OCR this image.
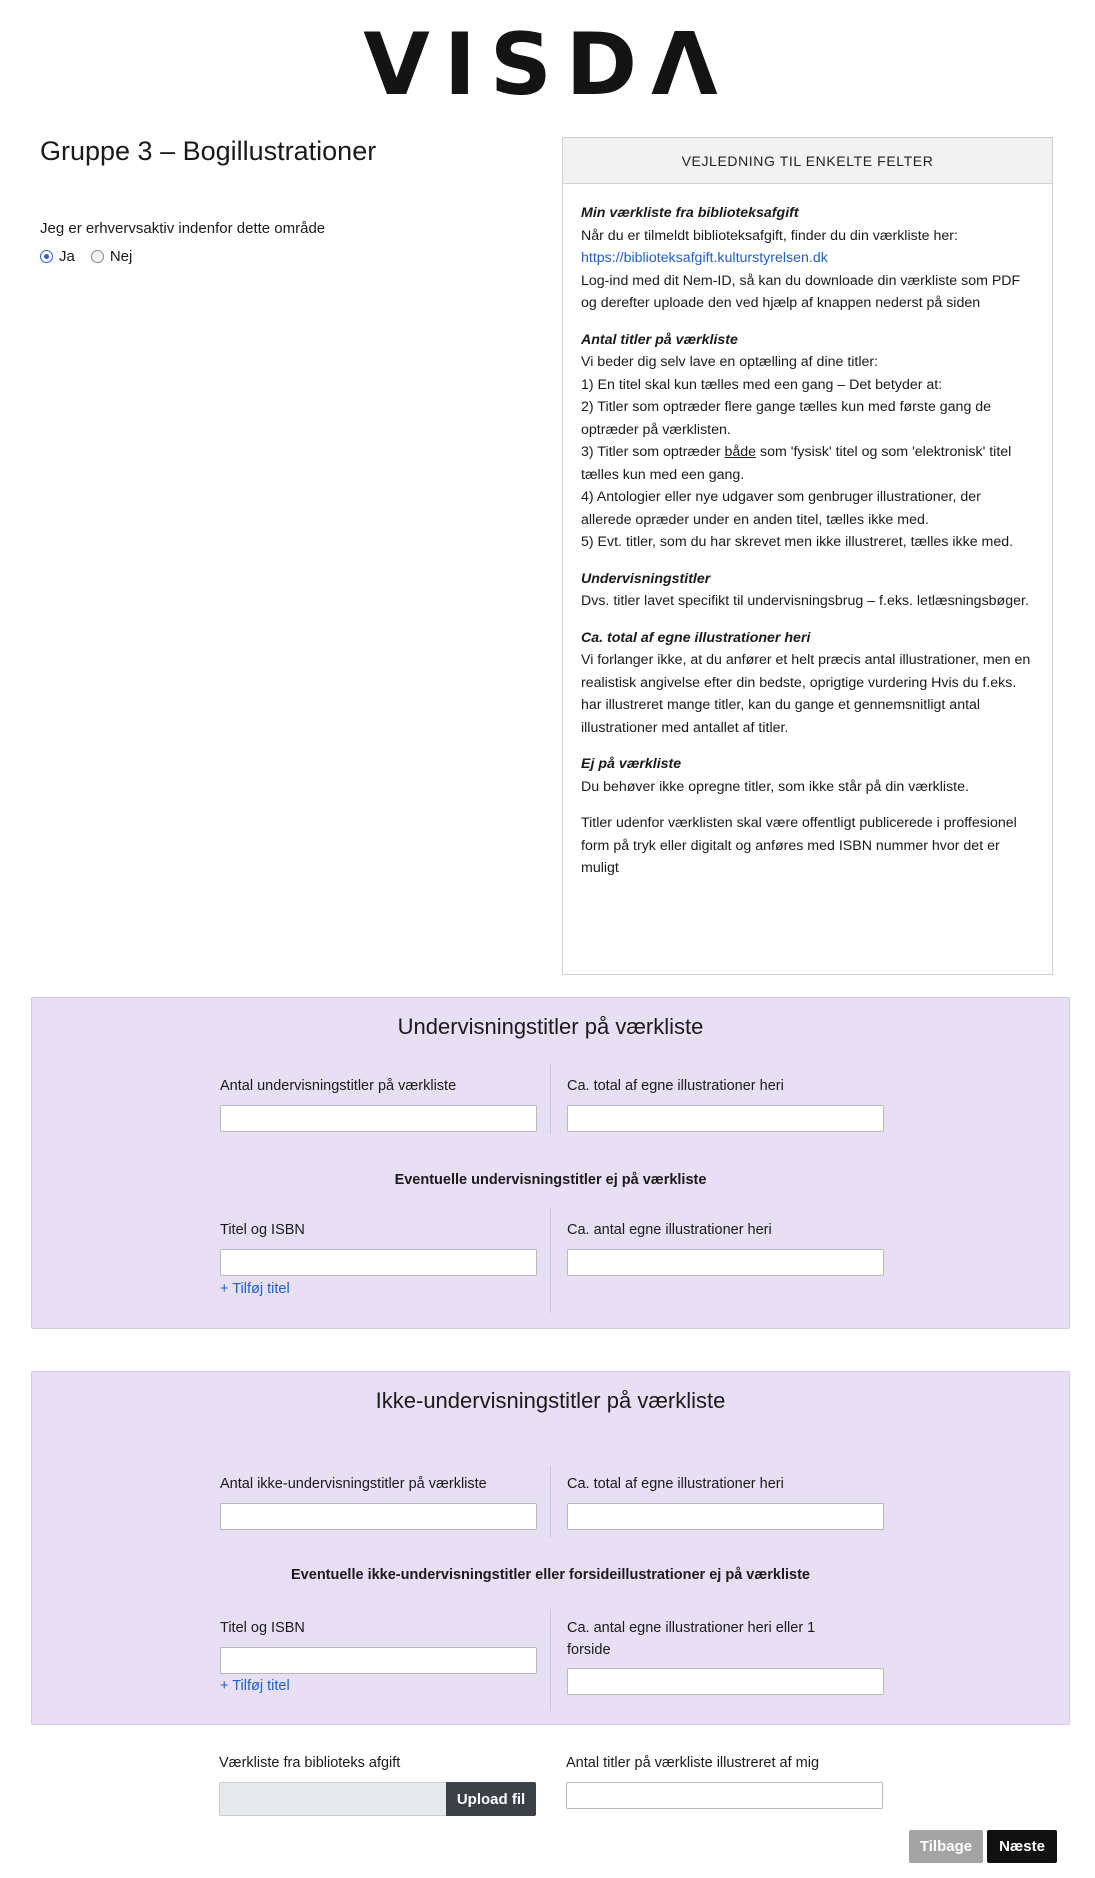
VISDΛ
Gruppe 3 – Bogillustrationer
Jeg er erhvervsaktiv indenfor dette område
Ja Nej
VEJLEDNING TIL ENKELTE FELTER
Min værkliste fra biblioteksafgift
Når du er tilmeldt biblioteksafgift, finder du din værkliste her:
https://biblioteksafgift.kulturstyrelsen.dk
Log-ind med dit Nem-ID, så kan du downloade din værkliste som PDF og derefter uploade den ved hjælp af knappen nederst på siden
Antal titler på værkliste
Vi beder dig selv lave en optælling af dine titler:
1) En titel skal kun tælles med een gang – Det betyder at:
2) Titler som optræder flere gange tælles kun med første gang de optræder på værklisten.
3) Titler som optræder både som 'fysisk' titel og som 'elektronisk' titel tælles kun med een gang.
4) Antologier eller nye udgaver som genbruger illustrationer, der allerede opræder under en anden titel, tælles ikke med.
5) Evt. titler, som du har skrevet men ikke illustreret, tælles ikke med.
Undervisningstitler
Dvs. titler lavet specifikt til undervisningsbrug – f.eks. letlæsningsbøger.
Ca. total af egne illustrationer heri
Vi forlanger ikke, at du anfører et helt præcis antal illustrationer, men en realistisk angivelse efter din bedste, oprigtige vurdering Hvis du f.eks. har illustreret mange titler, kan du gange et gennemsnitligt antal illustrationer med antallet af titler.
Ej på værkliste
Du behøver ikke opregne titler, som ikke står på din værkliste.
Titler udenfor værklisten skal være offentligt publicerede i proffesionel form på tryk eller digitalt og anføres med ISBN nummer hvor det er muligt
Undervisningstitler på værkliste
Antal undervisningstitler på værkliste	Ca. total af egne illustrationer heri
Eventuelle undervisningstitler ej på værkliste
Titel og ISBN
+ Tilføj titel
Ca. antal egne illustrationer heri
Ikke-undervisningstitler på værkliste
Antal ikke-undervisningstitler på værkliste	Ca. total af egne illustrationer heri
Eventuelle ikke-undervisningstitler eller forsideillustrationer ej på værkliste
Titel og ISBN
+ Tilføj titel
Ca. antal egne illustrationer heri eller 1
forside
Værkliste fra biblioteks afgift
Upload fil
Antal titler på værkliste illustreret af mig
Tilbage	Næste
